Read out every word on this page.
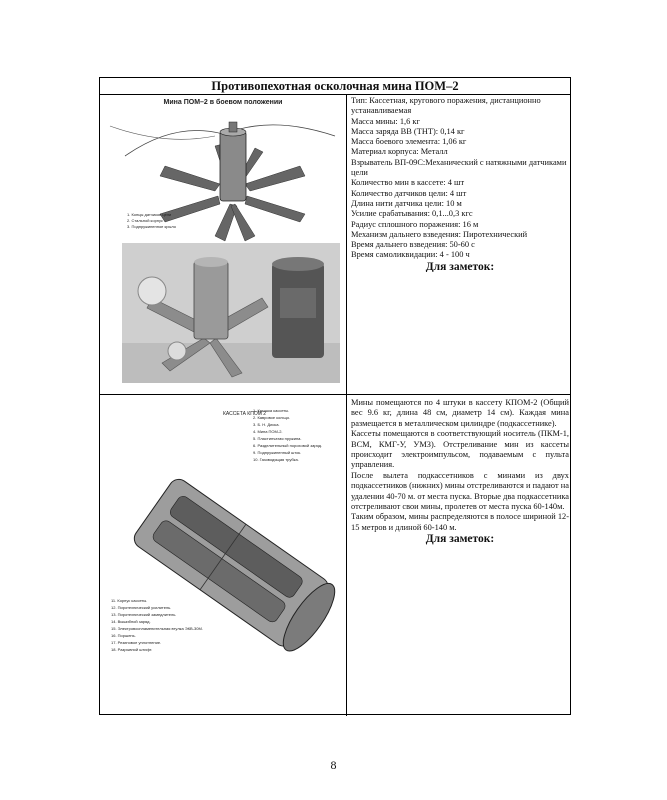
Противопехотная осколочная мина ПОМ–2
Мина ПОМ–2 в боевом положении
1. Концы датчиков цели
2. Стальной корпус
3. Подпружиненное крыло
Тип: Кассетная, кругового поражения, дистанционно устанавливаемая
Масса мины: 1,6 кг
Масса заряда ВВ (ТНТ): 0,14 кг
Масса боевого элемента: 1,06 кг
Материал корпуса: Металл
Взрыватель ВП-09С:Механический с натяжными датчиками цели
Количество мин в кассете: 4 шт
Количество датчиков цели: 4 шт
Длина нити датчика цели: 10 м
Усилие срабатывания: 0,1...0,3 кгс
Радиус сплошного поражения: 16 м
Механизм дальнего взведения: Пиротехнический
Время дальнего взведения: 50-60 с
Время самоликвидации: 4 - 100 ч
Для заметок:
КАССЕТА КПОМ 2
1. Крышка кассеты.
2. Кавровое кольцо.
3. Б. Н. Диска.
4. Мина ПОМ-2.
5. Пластинчатая пружина.
6. Разделительный пороховой заряд.
9. Подпружиненный шток.
10. Газоводящая трубка.
11. Корпус кассеты.
12. Пиротехнический усилитель.
13. Пиротехнический замедлитель.
14. Вышибной заряд.
15. Электровоспламенительная втулка ЭКВ-30М.
16. Поршень.
17. Резиновое уплотнение.
18. Разрывной штифт.

Мины помещаются по 4 штуки в кассету КПОМ-2 (Общий вес 9.6 кг, длина 48 см, диаметр 14 см). Каждая мина размещается в металлическом цилиндре (подкассетнике).

Кассеты помещаются в соответствующий носитель (ПКМ-1, ВСМ, КМГ-У, УМЗ). Отстреливание мин из кассеты происходит электроимпульсом, подаваемым с пульта управления.

После вылета подкассетников с минами из двух подкассетников (нижних) мины отстреливаются и падают на удалении 40-70 м. от места пуска. Вторые два подкассетника отстреливают свои мины, пролетев от места пуска 60-140м.

Таким образом, мины распределяются в полосе шириной 12-15 метров и длиной 60-140 м.

Для заметок:
8
